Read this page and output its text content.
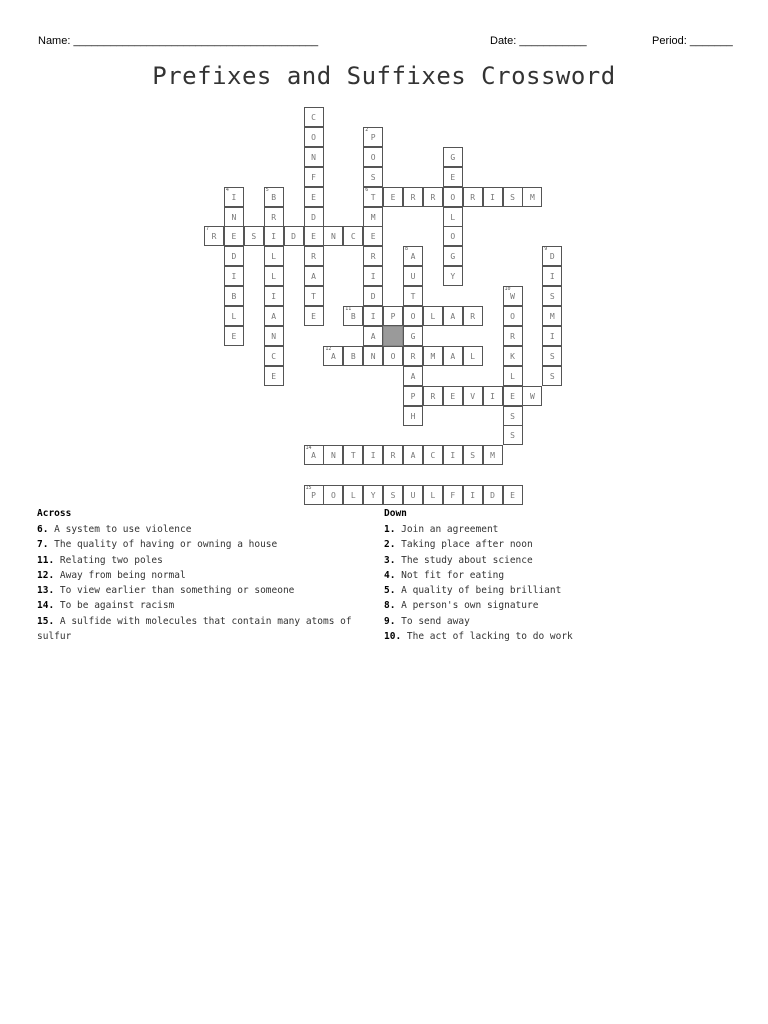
Name: ________________________________________	Date: ___________	Period: _______
Prefixes and Suffixes Crossword
C
O
N
F
E
D
E
R
A
T
E
2
P
O
S
6
T
M
E
R
I
D
I
A
G
E
O
L
O
G
Y
4
I
N
E
D
I
B
L
E
5
B
R
I
L
L
I
A
N
C
E
E	R	R	R	I	S	M
7
R	S	D	N	C
8
A
U
T
O
G
R
A
P
H
9
D
I
S
M
I
S
S
10
W
O
R
K
L
E
S
S
11
B	P	L	A	R
12
A	B	N	O	M	A	L
R	E	V	I	W
14
A	N	T	I	R	A	C	I	S	M
15
P	O	L	Y	S	U	L	F	I	D	E
Across
6. A system to use violence
7. The quality of having or owning a house
11. Relating two poles
12. Away from being normal
13. To view earlier than something or someone
14. To be against racism
15. A sulfide with molecules that contain many atoms of sulfur
Down
1. Join an agreement
2. Taking place after noon
3. The study about science
4. Not fit for eating
5. A quality of being brilliant
8. A person's own signature
9. To send away
10. The act of lacking to do work
